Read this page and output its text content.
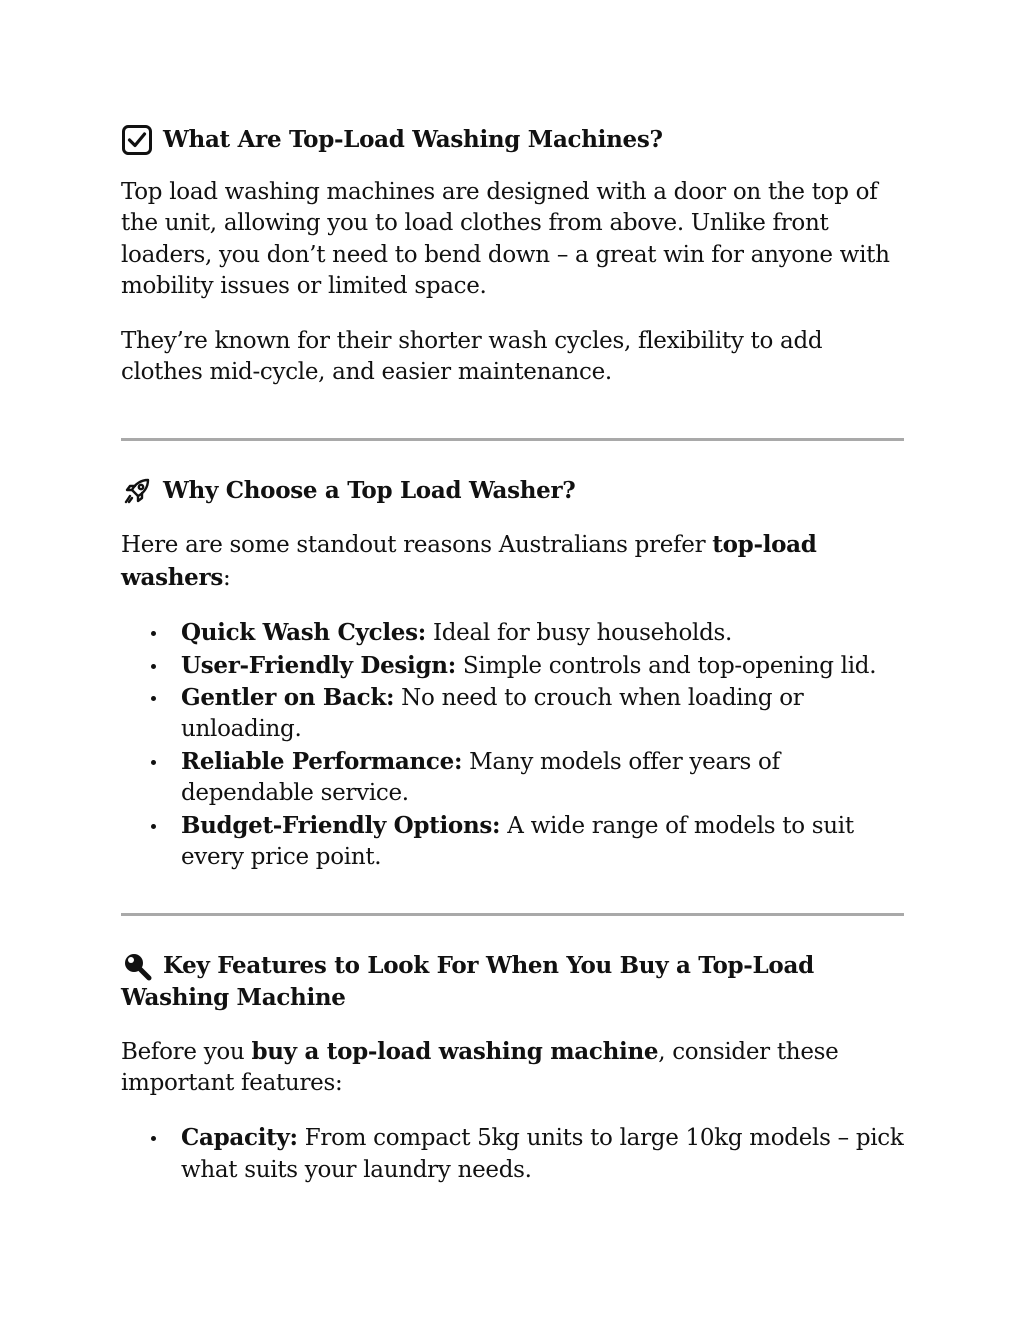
What Are Top-Load Washing Machines?

Top load washing machines are designed with a door on the top of the unit, allowing you to load clothes from above. Unlike front loaders, you don’t need to bend down – a great win for anyone with mobility issues or limited space.

They’re known for their shorter wash cycles, flexibility to add clothes mid-cycle, and easier maintenance.

Why Choose a Top Load Washer?

Here are some standout reasons Australians prefer top-load washers:

Quick Wash Cycles: Ideal for busy households.
User-Friendly Design: Simple controls and top-opening lid.
Gentler on Back: No need to crouch when loading or unloading.
Reliable Performance: Many models offer years of dependable service.
Budget-Friendly Options: A wide range of models to suit every price point.
Key Features to Look For When You Buy a Top-Load Washing Machine

Before you buy a top-load washing machine, consider these important features:

Capacity: From compact 5kg units to large 10kg models – pick what suits your laundry needs.
